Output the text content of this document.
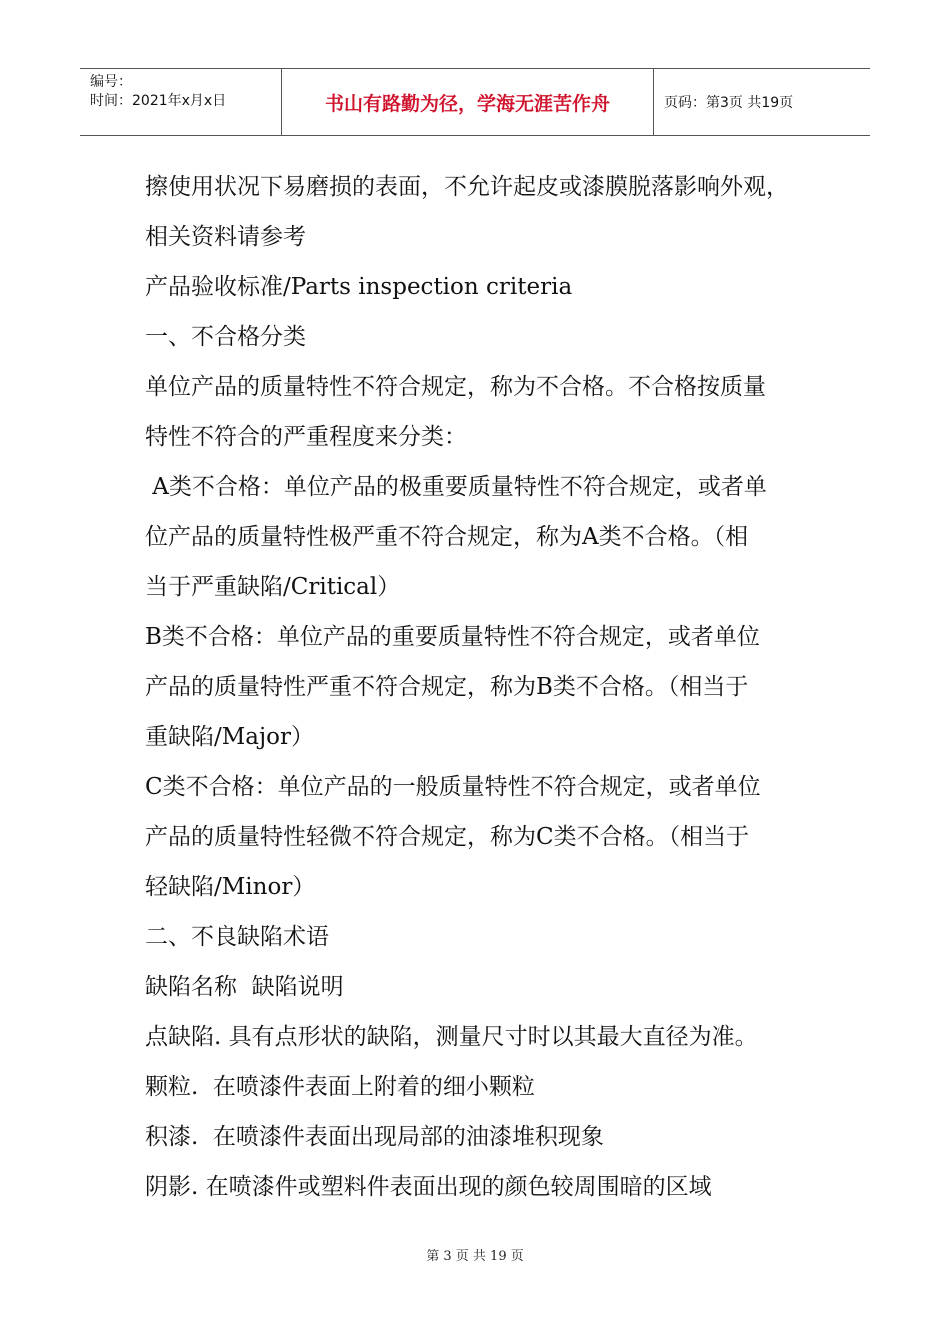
编号：
时间：2021年x月x日	书山有路勤为径，学海无涯苦作舟	页码：第3页 共19页
擦使用状况下易磨损的表面，不允许起皮或漆膜脱落影响外观，
相关资料请参考
产品验收标准/Parts inspection criteria
一、不合格分类
单位产品的质量特性不符合规定，称为不合格。不合格按质量
特性不符合的严重程度来分类：
A类不合格：单位产品的极重要质量特性不符合规定，或者单
位产品的质量特性极严重不符合规定，称为A类不合格。（相
当于严重缺陷/Critical）
B类不合格：单位产品的重要质量特性不符合规定，或者单位
产品的质量特性严重不符合规定，称为B类不合格。（相当于
重缺陷/Major）
C类不合格：单位产品的一般质量特性不符合规定，或者单位
产品的质量特性轻微不符合规定，称为C类不合格。（相当于
轻缺陷/Minor）
二、不良缺陷术语
缺陷名称  缺陷说明
点缺陷. 具有点形状的缺陷，测量尺寸时以其最大直径为准。
颗粒.  在喷漆件表面上附着的细小颗粒
积漆.  在喷漆件表面出现局部的油漆堆积现象
阴影. 在喷漆件或塑料件表面出现的颜色较周围暗的区域
第 3 页 共 19 页
